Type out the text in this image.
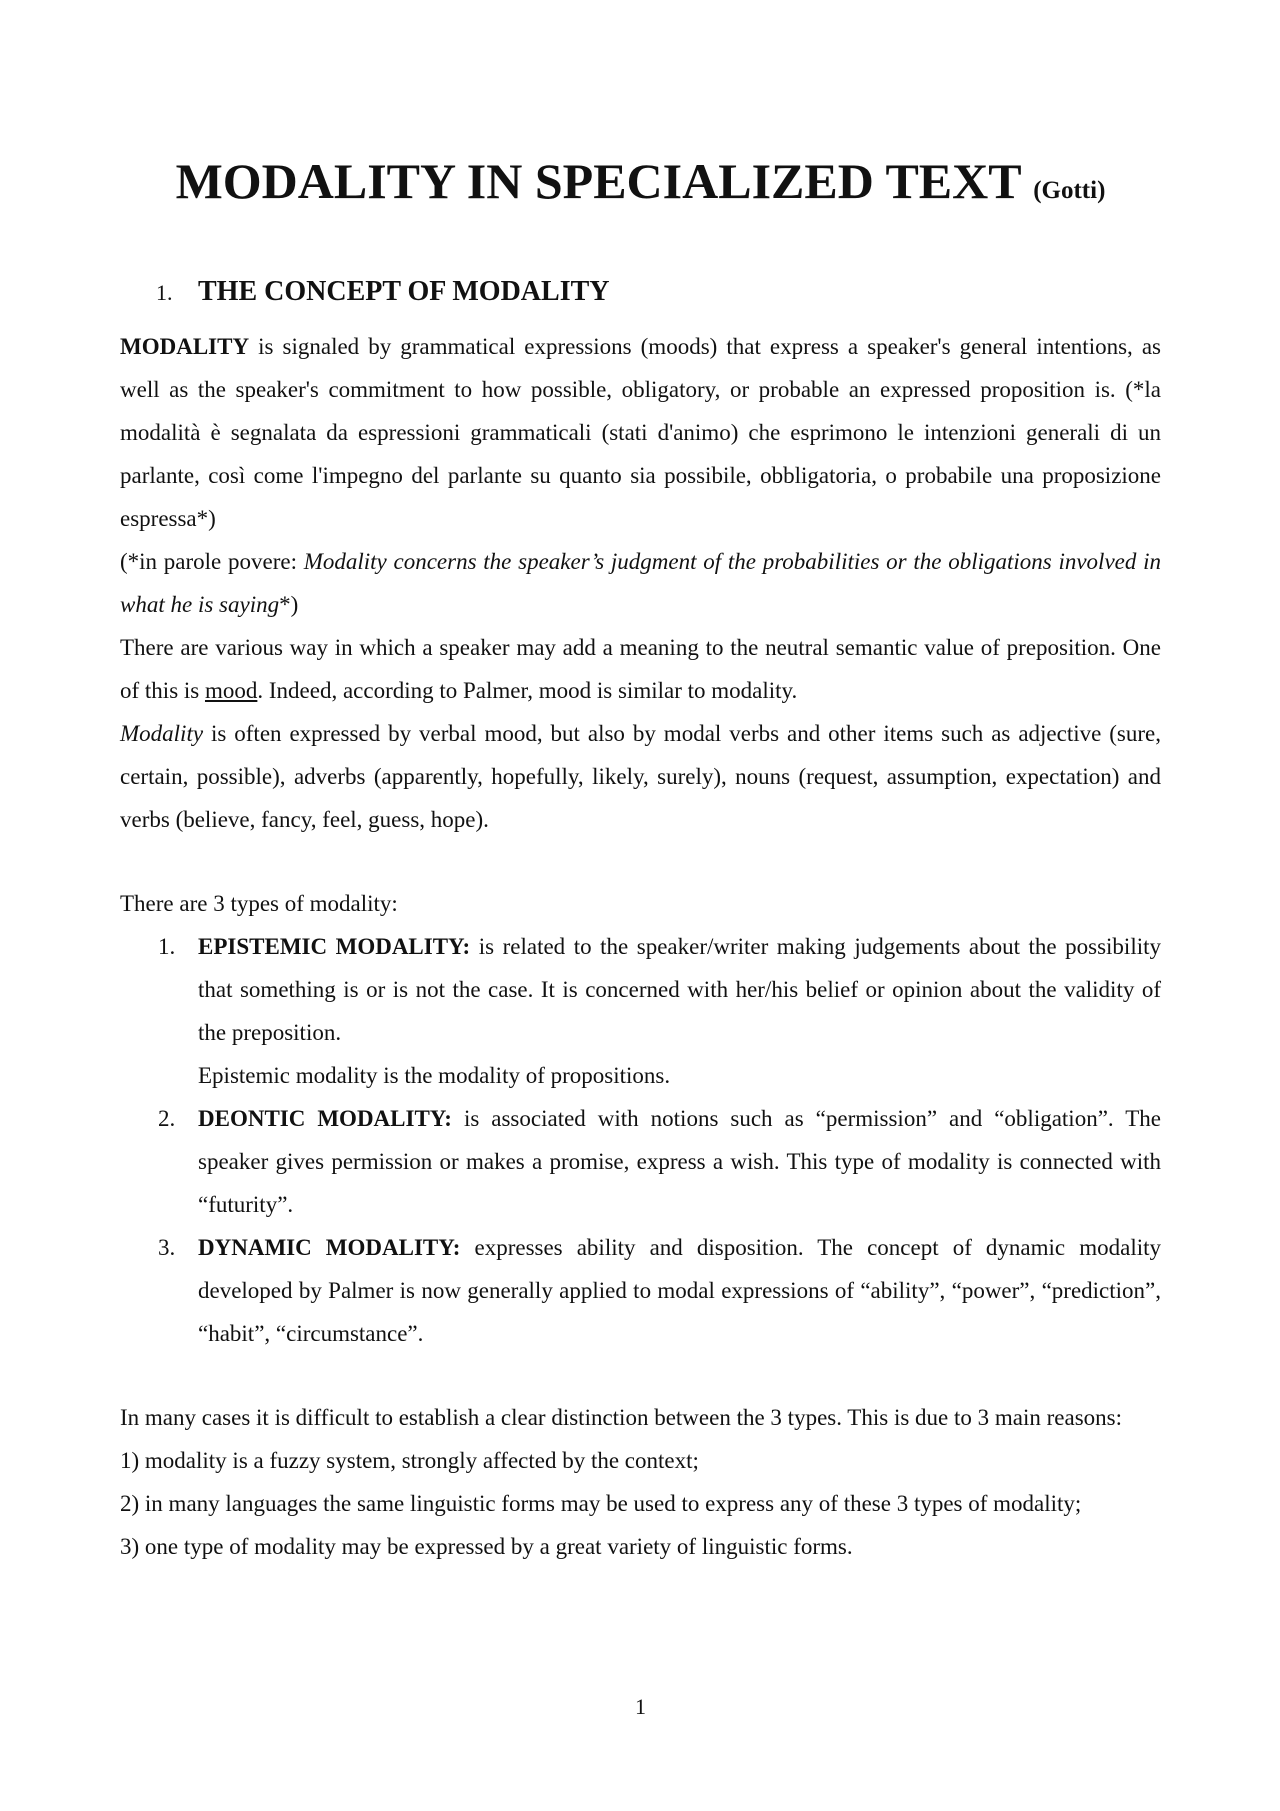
MODALITY IN SPECIALIZED TEXT (Gotti)
1. THE CONCEPT OF MODALITY

MODALITY is signaled by grammatical expressions (moods) that express a speaker's general intentions, as well as the speaker's commitment to how possible, obligatory, or probable an expressed proposition is. (*la modalità è segnalata da espressioni grammaticali (stati d'animo) che esprimono le intenzioni generali di un parlante, così come l'impegno del parlante su quanto sia possibile, obbligatoria, o probabile una proposizione espressa*)

(*in parole povere: Modality concerns the speaker’s judgment of the probabilities or the obligations involved in what he is saying*)

There are various way in which a speaker may add a meaning to the neutral semantic value of preposition. One of this is mood. Indeed, according to Palmer, mood is similar to modality.

Modality is often expressed by verbal mood, but also by modal verbs and other items such as adjective (sure, certain, possible), adverbs (apparently, hopefully, likely, surely), nouns (request, assumption, expectation) and verbs (believe, fancy, feel, guess, hope).

There are 3 types of modality:

1. EPISTEMIC MODALITY: is related to the speaker/writer making judgements about the possibility that something is or is not the case. It is concerned with her/his belief or opinion about the validity of the preposition.
Epistemic modality is the modality of propositions.
2. DEONTIC MODALITY: is associated with notions such as “permission” and “obligation”. The speaker gives permission or makes a promise, express a wish. This type of modality is connected with “futurity”.
3. DYNAMIC MODALITY: expresses ability and disposition. The concept of dynamic modality developed by Palmer is now generally applied to modal expressions of “ability”, “power”, “prediction”, “habit”, “circumstance”.

In many cases it is difficult to establish a clear distinction between the 3 types. This is due to 3 main reasons:

1) modality is a fuzzy system, strongly affected by the context;

2) in many languages the same linguistic forms may be used to express any of these 3 types of modality;

3) one type of modality may be expressed by a great variety of linguistic forms.

1
